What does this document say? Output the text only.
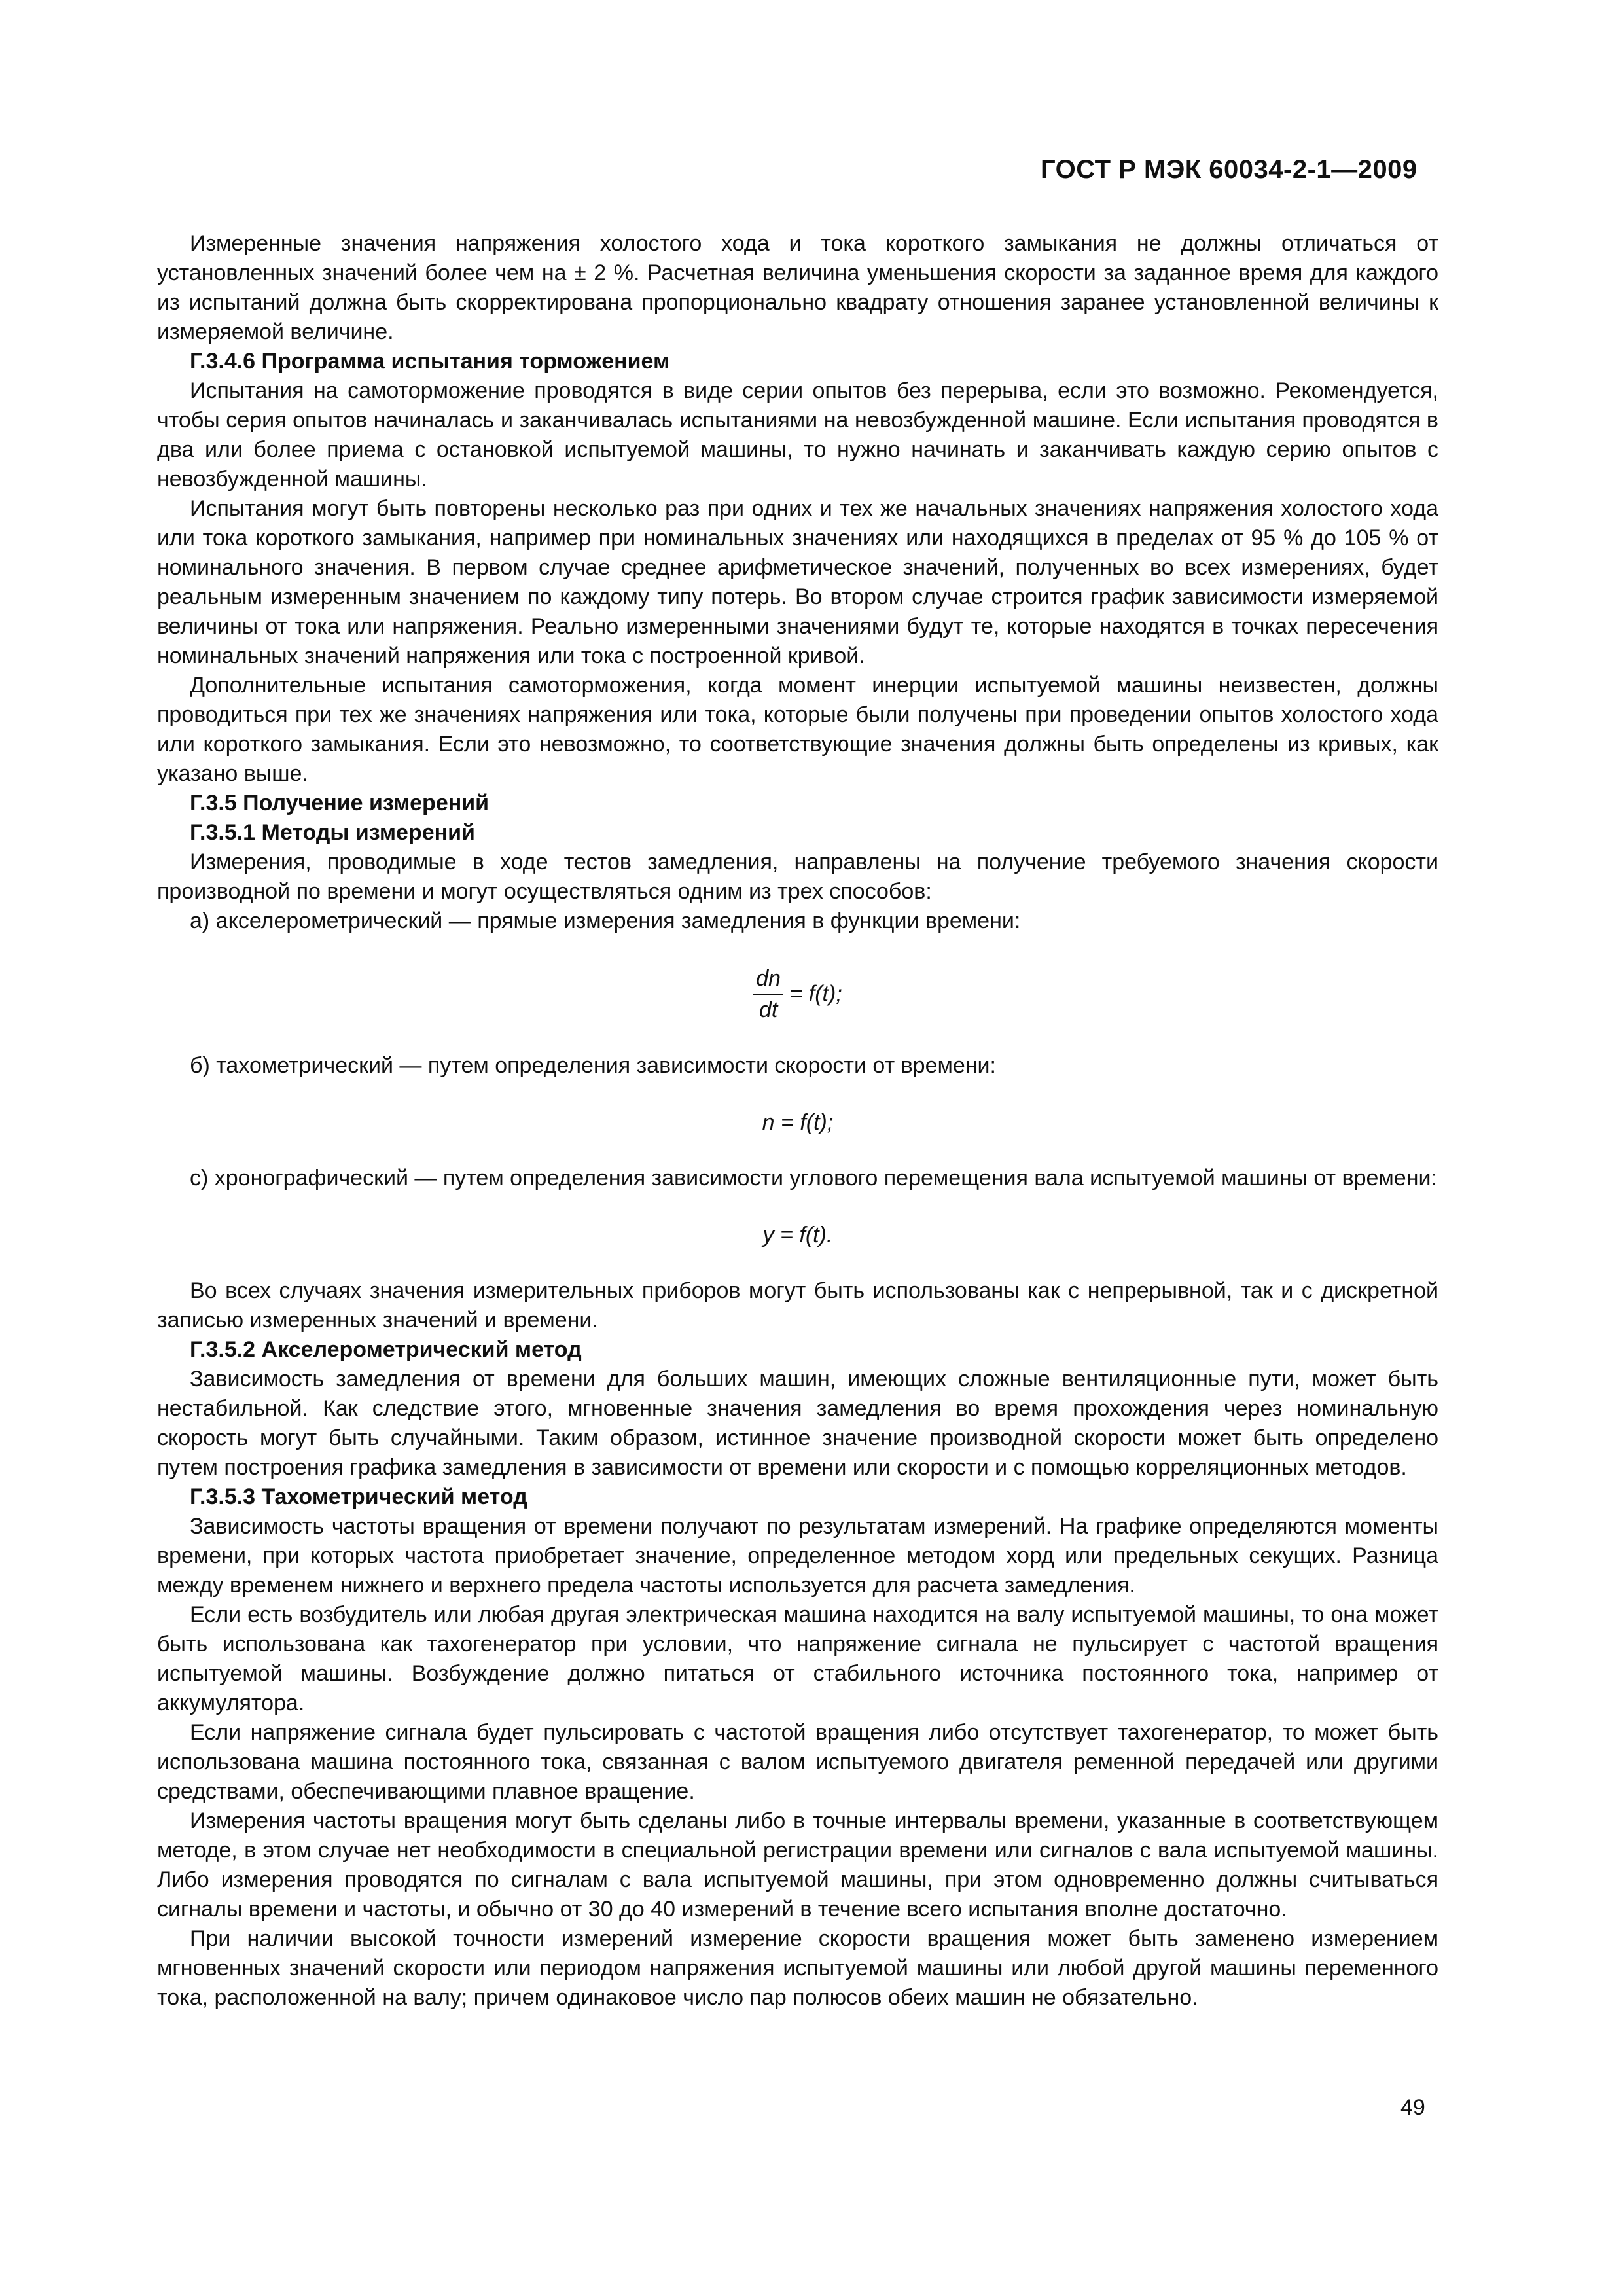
ГОСТ Р МЭК 60034-2-1—2009

Измеренные значения напряжения холостого хода и тока короткого замыкания не должны отличаться от установленных значений более чем на ± 2 %. Расчетная величина уменьшения скорости за заданное время для каждого из испытаний должна быть скорректирована пропорционально квадрату отношения заранее установленной величины к измеряемой величине.

Г.3.4.6 Программа испытания торможением

Испытания на самоторможение проводятся в виде серии опытов без перерыва, если это возможно. Рекомендуется, чтобы серия опытов начиналась и заканчивалась испытаниями на невозбужденной машине. Если испытания проводятся в два или более приема с остановкой испытуемой машины, то нужно начинать и заканчивать каждую серию опытов с невозбужденной машины.

Испытания могут быть повторены несколько раз при одних и тех же начальных значениях напряжения холостого хода или тока короткого замыкания, например при номинальных значениях или находящихся в пределах от 95 % до 105 % от номинального значения. В первом случае среднее арифметическое значений, полученных во всех измерениях, будет реальным измеренным значением по каждому типу потерь. Во втором случае строится график зависимости измеряемой величины от тока или напряжения. Реально измеренными значениями будут те, которые находятся в точках пересечения номинальных значений напряжения или тока с построенной кривой.

Дополнительные испытания самоторможения, когда момент инерции испытуемой машины неизвестен, должны проводиться при тех же значениях напряжения или тока, которые были получены при проведении опытов холостого хода или короткого замыкания. Если это невозможно, то соответствующие значения должны быть определены из кривых, как указано выше.

Г.3.5 Получение измерений
Г.3.5.1 Методы измерений

Измерения, проводимые в ходе тестов замедления, направлены на получение требуемого значения скорости производной по времени и могут осуществляться одним из трех способов:

а) акселерометрический — прямые измерения замедления в функции времени:

$\frac{dn}{dt} = f(t)$;

б) тахометрический — путем определения зависимости скорости от времени:

n = f(t);

с) хронографический — путем определения зависимости углового перемещения вала испытуемой машины от времени:

y = f(t).

Во всех случаях значения измерительных приборов могут быть использованы как с непрерывной, так и с дискретной записью измеренных значений и времени.

Г.3.5.2 Акселерометрический метод

Зависимость замедления от времени для больших машин, имеющих сложные вентиляционные пути, может быть нестабильной. Как следствие этого, мгновенные значения замедления во время прохождения через номинальную скорость могут быть случайными. Таким образом, истинное значение производной скорости может быть определено путем построения графика замедления в зависимости от времени или скорости и с помощью корреляционных методов.

Г.3.5.3 Тахометрический метод

Зависимость частоты вращения от времени получают по результатам измерений. На графике определяются моменты времени, при которых частота приобретает значение, определенное методом хорд или предельных секущих. Разница между временем нижнего и верхнего предела частоты используется для расчета замедления.

Если есть возбудитель или любая другая электрическая машина находится на валу испытуемой машины, то она может быть использована как тахогенератор при условии, что напряжение сигнала не пульсирует с частотой вращения испытуемой машины. Возбуждение должно питаться от стабильного источника постоянного тока, например от аккумулятора.

Если напряжение сигнала будет пульсировать с частотой вращения либо отсутствует тахогенератор, то может быть использована машина постоянного тока, связанная с валом испытуемого двигателя ременной передачей или другими средствами, обеспечивающими плавное вращение.

Измерения частоты вращения могут быть сделаны либо в точные интервалы времени, указанные в соответствующем методе, в этом случае нет необходимости в специальной регистрации времени или сигналов с вала испытуемой машины. Либо измерения проводятся по сигналам с вала испытуемой машины, при этом одновременно должны считываться сигналы времени и частоты, и обычно от 30 до 40 измерений в течение всего испытания вполне достаточно.

При наличии высокой точности измерений измерение скорости вращения может быть заменено измерением мгновенных значений скорости или периодом напряжения испытуемой машины или любой другой машины переменного тока, расположенной на валу; причем одинаковое число пар полюсов обеих машин не обязательно.

49
